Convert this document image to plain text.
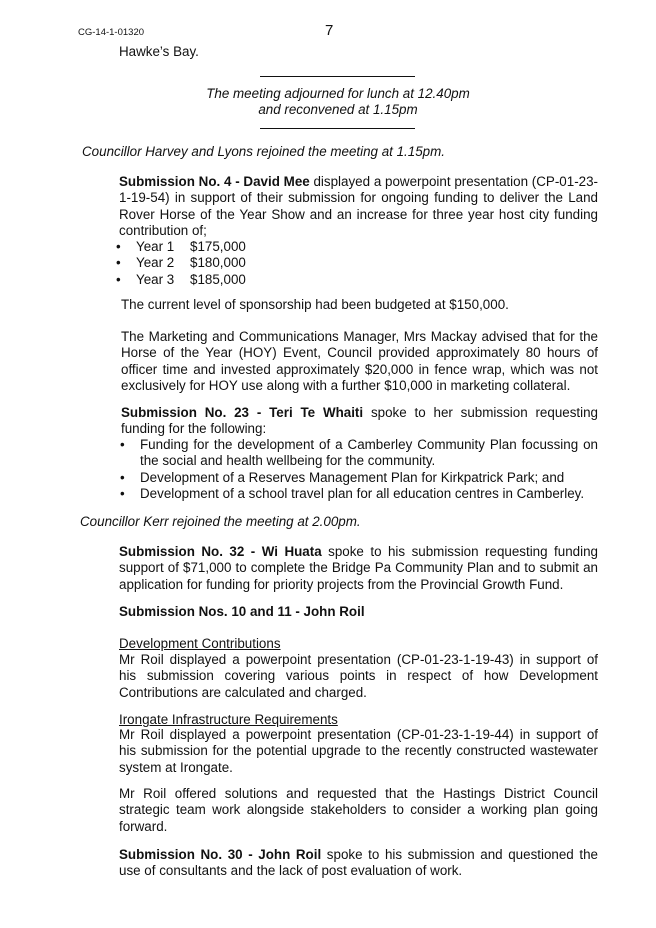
CG-14-1-01320	7
Hawke’s Bay.
The meeting adjourned for lunch at 12.40pm
and reconvened at 1.15pm
Councillor Harvey and Lyons rejoined the meeting at 1.15pm.
Submission No. 4 - David Mee displayed a powerpoint presentation (CP-01-23-1-19-54) in support of their submission for ongoing funding to deliver the Land Rover Horse of the Year Show and an increase for three year host city funding contribution of;
• Year 1 $175,000
• Year 2 $180,000
• Year 3 $185,000
The current level of sponsorship had been budgeted at $150,000.
The Marketing and Communications Manager, Mrs Mackay advised that for the Horse of the Year (HOY) Event, Council provided approximately 80 hours of officer time and invested approximately $20,000 in fence wrap, which was not exclusively for HOY use along with a further $10,000 in marketing collateral.
Submission No. 23 - Teri Te Whaiti spoke to her submission requesting funding for the following:
• Funding for the development of a Camberley Community Plan focussing on the social and health wellbeing for the community.
• Development of a Reserves Management Plan for Kirkpatrick Park; and
• Development of a school travel plan for all education centres in Camberley.
Councillor Kerr rejoined the meeting at 2.00pm.
Submission No. 32 - Wi Huata spoke to his submission requesting funding support of $71,000 to complete the Bridge Pa Community Plan and to submit an application for funding for priority projects from the Provincial Growth Fund.
Submission Nos. 10 and 11 - John Roil
Development Contributions
Mr Roil displayed a powerpoint presentation (CP-01-23-1-19-43) in support of his submission covering various points in respect of how Development Contributions are calculated and charged.
Irongate Infrastructure Requirements
Mr Roil displayed a powerpoint presentation (CP-01-23-1-19-44) in support of his submission for the potential upgrade to the recently constructed wastewater system at Irongate.
Mr Roil offered solutions and requested that the Hastings District Council strategic team work alongside stakeholders to consider a working plan going forward.
Submission No. 30 - John Roil spoke to his submission and questioned the use of consultants and the lack of post evaluation of work.
